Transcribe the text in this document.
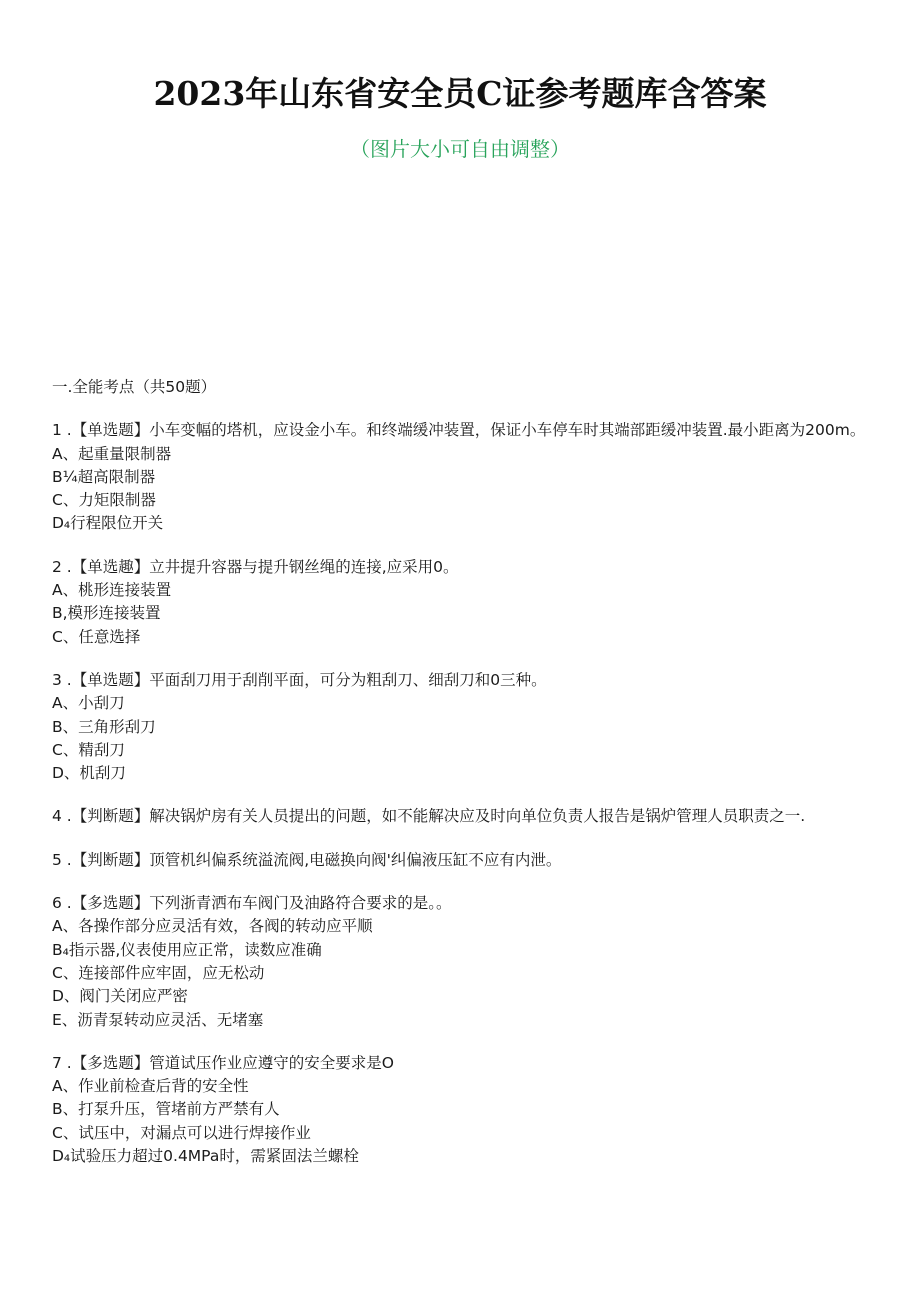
2023年山东省安全员C证参考题库含答案
（图片大小可自由调整）
一.全能考点（共50题）

1 .【单选题】小车变幅的塔机，应设金小车。和终端缓冲装置，保证小车停车时其端部距缓冲装置.最小距离为200m。

A、起重量限制器

B¼超高限制器

C、力矩限制器

D₄行程限位开关

2 .【单选趣】立井提升容器与提升钢丝绳的连接,应采用0。

A、桃形连接装置

B,模形连接装置

C、任意选择

3 .【单选题】平面刮刀用于刮削平面，可分为粗刮刀、细刮刀和0三种。

A、小刮刀

B、三角形刮刀

C、精刮刀

D、机刮刀

4 .【判断题】解决锅炉房有关人员提出的问题，如不能解决应及时向单位负责人报告是锅炉管理人员职责之一.

5 .【判断题】顶管机纠偏系统溢流阀,电磁换向阀'纠偏液压缸不应有内泄。

6 .【多选题】下列浙青洒布车阀门及油路符合要求的是。。

A、各操作部分应灵活有效，各阀的转动应平顺

B₄指示器,仪表使用应正常，读数应准确

C、连接部件应牢固，应无松动

D、阀门关闭应严密

E、沥青泵转动应灵活、无堵塞

7 .【多选题】管道试压作业应遵守的安全要求是O

A、作业前检查后背的安全性

B、打泵升压，管堵前方严禁有人

C、试压中，对漏点可以进行焊接作业

D₄试验压力超过0.4MPa时，需紧固法兰螺栓
